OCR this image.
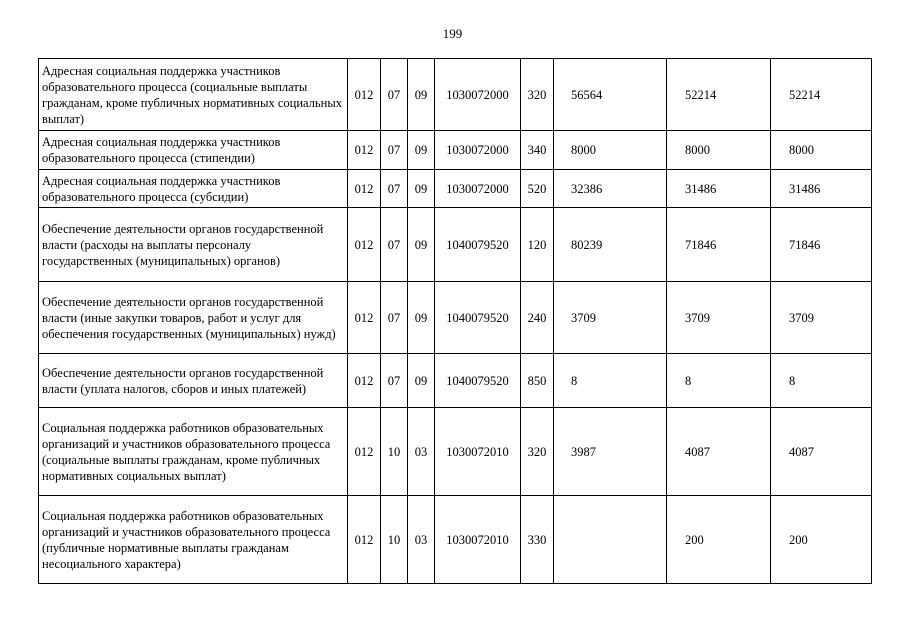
199
Адресная социальная поддержка участников образовательного процесса (социальные выплаты гражданам, кроме публичных нормативных социальных выплат)	012	07	09	1030072000	320	56564	52214	52214
Адресная социальная поддержка участников образовательного процесса (стипендии)	012	07	09	1030072000	340	8000	8000	8000
Адресная социальная поддержка участников образовательного процесса (субсидии)	012	07	09	1030072000	520	32386	31486	31486
Обеспечение деятельности органов государственной власти (расходы на выплаты персоналу государственных (муниципальных) органов)	012	07	09	1040079520	120	80239	71846	71846
Обеспечение деятельности органов государственной власти (иные закупки товаров, работ и услуг для обеспечения государственных (муниципальных) нужд)	012	07	09	1040079520	240	3709	3709	3709
Обеспечение деятельности органов государственной власти (уплата налогов, сборов и иных платежей)	012	07	09	1040079520	850	8	8	8
Социальная поддержка работников образовательных организаций и участников образовательного процесса (социальные выплаты гражданам, кроме публичных нормативных социальных выплат)	012	10	03	1030072010	320	3987	4087	4087
Социальная поддержка работников образовательных организаций и участников образовательного процесса (публичные нормативные выплаты гражданам несоциального характера)	012	10	03	1030072010	330		200	200
